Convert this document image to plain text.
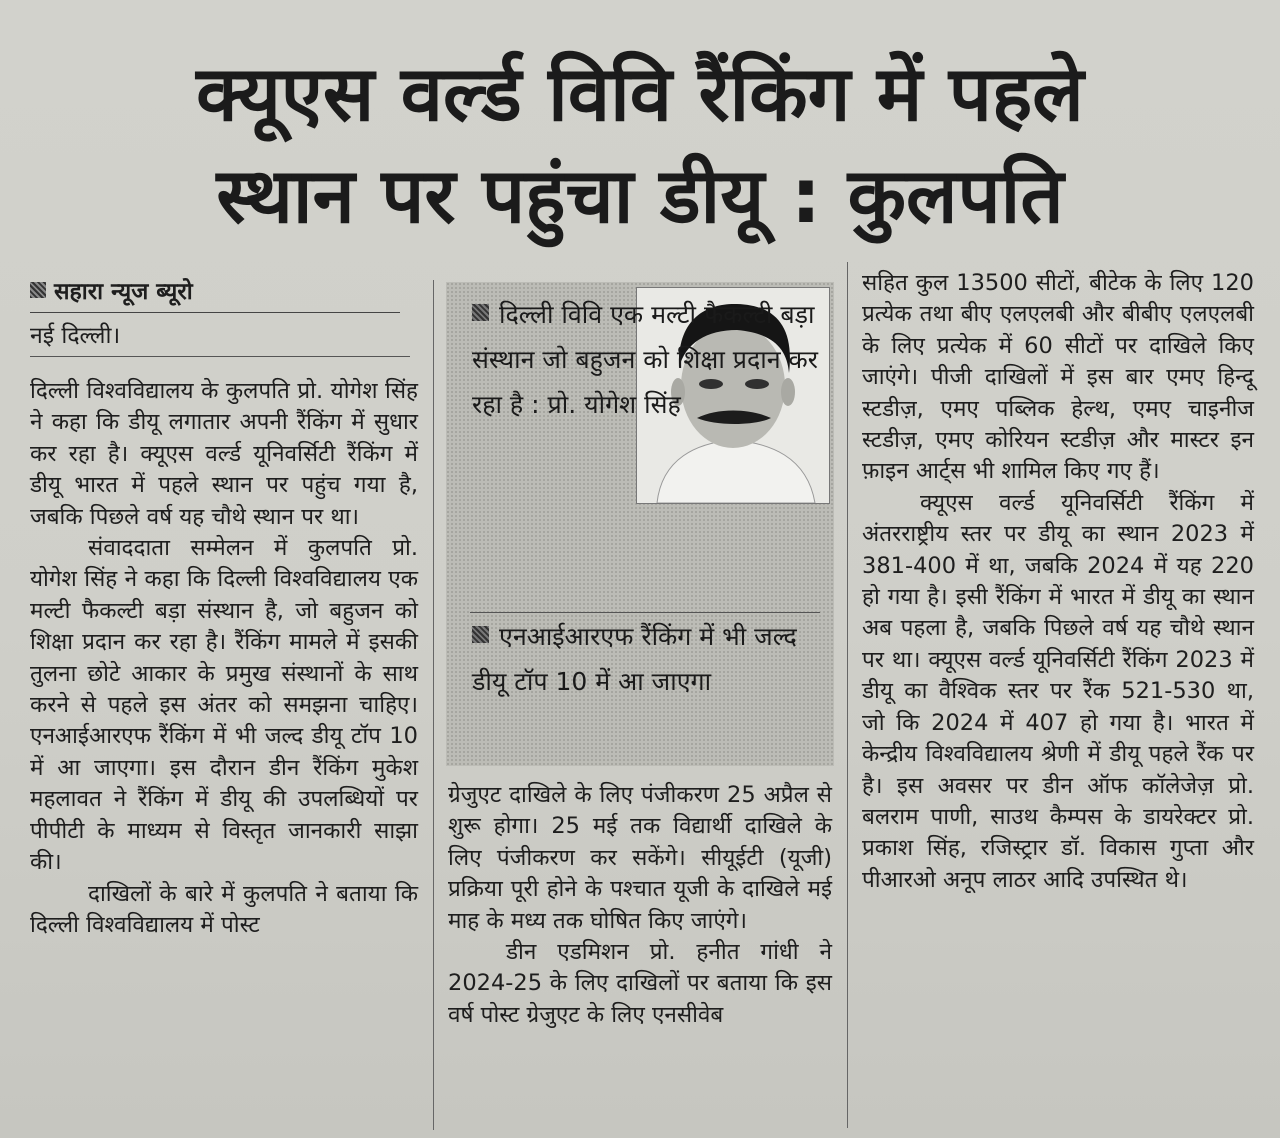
क्यूएस वर्ल्ड विवि रैंकिंग में पहले
स्थान पर पहुंचा डीयू : कुलपति
सहारा न्यूज ब्यूरो
नई दिल्ली।

दिल्ली विश्वविद्यालय के कुलपति प्रो. योगेश सिंह ने कहा कि डीयू लगातार अपनी रैंकिंग में सुधार कर रहा है। क्यूएस वर्ल्ड यूनिवर्सिटी रैंकिंग में डीयू भारत में पहले स्थान पर पहुंच गया है, जबकि पिछले वर्ष यह चौथे स्थान पर था।

संवाददाता सम्मेलन में कुलपति प्रो. योगेश सिंह ने कहा कि दिल्ली विश्वविद्यालय एक मल्टी फैकल्टी बड़ा संस्थान है, जो बहुजन को शिक्षा प्रदान कर रहा है। रैंकिंग मामले में इसकी तुलना छोटे आकार के प्रमुख संस्थानों के साथ करने से पहले इस अंतर को समझना चाहिए। एनआईआरएफ रैंकिंग में भी जल्द डीयू टॉप 10 में आ जाएगा। इस दौरान डीन रैंकिंग मुकेश महलावत ने रैंकिंग में डीयू की उपलब्धियों पर पीपीटी के माध्यम से विस्तृत जानकारी साझा की।

दाखिलों के बारे में कुलपति ने बताया कि दिल्ली विश्वविद्यालय में पोस्ट

दिल्ली विवि एक मल्टी फैकल्टी बड़ा संस्थान जो बहुजन को शिक्षा प्रदान कर रहा है : प्रो. योगेश सिंह
एनआईआरएफ रैंकिंग में भी जल्द डीयू टॉप 10 में आ जाएगा

ग्रेजुएट दाखिले के लिए पंजीकरण 25 अप्रैल से शुरू होगा। 25 मई तक विद्यार्थी दाखिले के लिए पंजीकरण कर सकेंगे। सीयूईटी (यूजी) प्रक्रिया पूरी होने के पश्चात यूजी के दाखिले मई माह के मध्य तक घोषित किए जाएंगे।

डीन एडमिशन प्रो. हनीत गांधी ने 2024-25 के लिए दाखिलों पर बताया कि इस वर्ष पोस्ट ग्रेजुएट के लिए एनसीवेब

सहित कुल 13500 सीटों, बीटेक के लिए 120 प्रत्येक तथा बीए एलएलबी और बीबीए एलएलबी के लिए प्रत्येक में 60 सीटों पर दाखिले किए जाएंगे। पीजी दाखिलों में इस बार एमए हिन्दू स्टडीज़, एमए पब्लिक हेल्थ, एमए चाइनीज स्टडीज़, एमए कोरियन स्टडीज़ और मास्टर इन फ़ाइन आर्ट्स भी शामिल किए गए हैं।

क्यूएस वर्ल्ड यूनिवर्सिटी रैंकिंग में अंतरराष्ट्रीय स्तर पर डीयू का स्थान 2023 में 381-400 में था, जबकि 2024 में यह 220 हो गया है। इसी रैंकिंग में भारत में डीयू का स्थान अब पहला है, जबकि पिछले वर्ष यह चौथे स्थान पर था। क्यूएस वर्ल्ड यूनिवर्सिटी रैंकिंग 2023 में डीयू का वैश्विक स्तर पर रैंक 521-530 था, जो कि 2024 में 407 हो गया है। भारत में केन्द्रीय विश्वविद्यालय श्रेणी में डीयू पहले रैंक पर है। इस अवसर पर डीन ऑफ कॉलेजेज़ प्रो. बलराम पाणी, साउथ कैम्पस के डायरेक्टर प्रो. प्रकाश सिंह, रजिस्ट्रार डॉ. विकास गुप्ता और पीआरओ अनूप लाठर आदि उपस्थित थे।
